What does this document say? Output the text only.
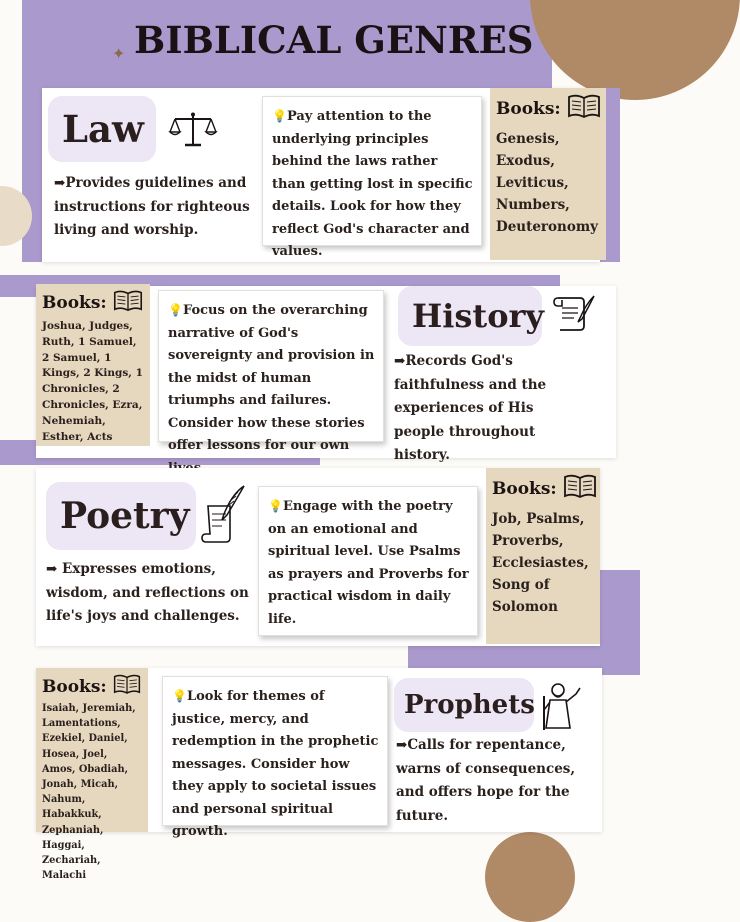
✦ BIBLICAL GENRES
Law
➡Provides guidelines and instructions for righteous living and worship.
💡Pay attention to the underlying principles behind the laws rather than getting lost in specific details. Look for how they reflect God's character and values.
Books:
Genesis, Exodus, Leviticus, Numbers, Deuteronomy
Books:
Joshua, Judges, Ruth, 1 Samuel, 2 Samuel, 1 Kings, 2 Kings, 1 Chronicles, 2 Chronicles, Ezra, Nehemiah, Esther, Acts
💡Focus on the overarching narrative of God's sovereignty and provision in the midst of human triumphs and failures. Consider how these stories offer lessons for our own
History
➡Records God's faithfulness and the experiences of His people throughout history.
Poetry
➡ Expresses emotions, wisdom, and reflections on life's joys and challenges.
💡Engage with the poetry on an emotional and spiritual level. Use Psalms as prayers and Proverbs for practical wisdom in daily life.
Books:
Job, Psalms, Proverbs, Ecclesiastes, Song of Solomon
Books:
Isaiah, Jeremiah, Lamentations, Ezekiel, Daniel, Hosea, Joel, Amos, Obadiah, Jonah, Micah, Nahum, Habakkuk, Zephaniah, Haggai, Zechariah, Malachi
💡Look for themes of justice, mercy, and redemption in the prophetic messages. Consider how they apply to societal issues and personal spiritual growth.
Prophets
➡Calls for repentance, warns of consequences, and offers hope for the future.
